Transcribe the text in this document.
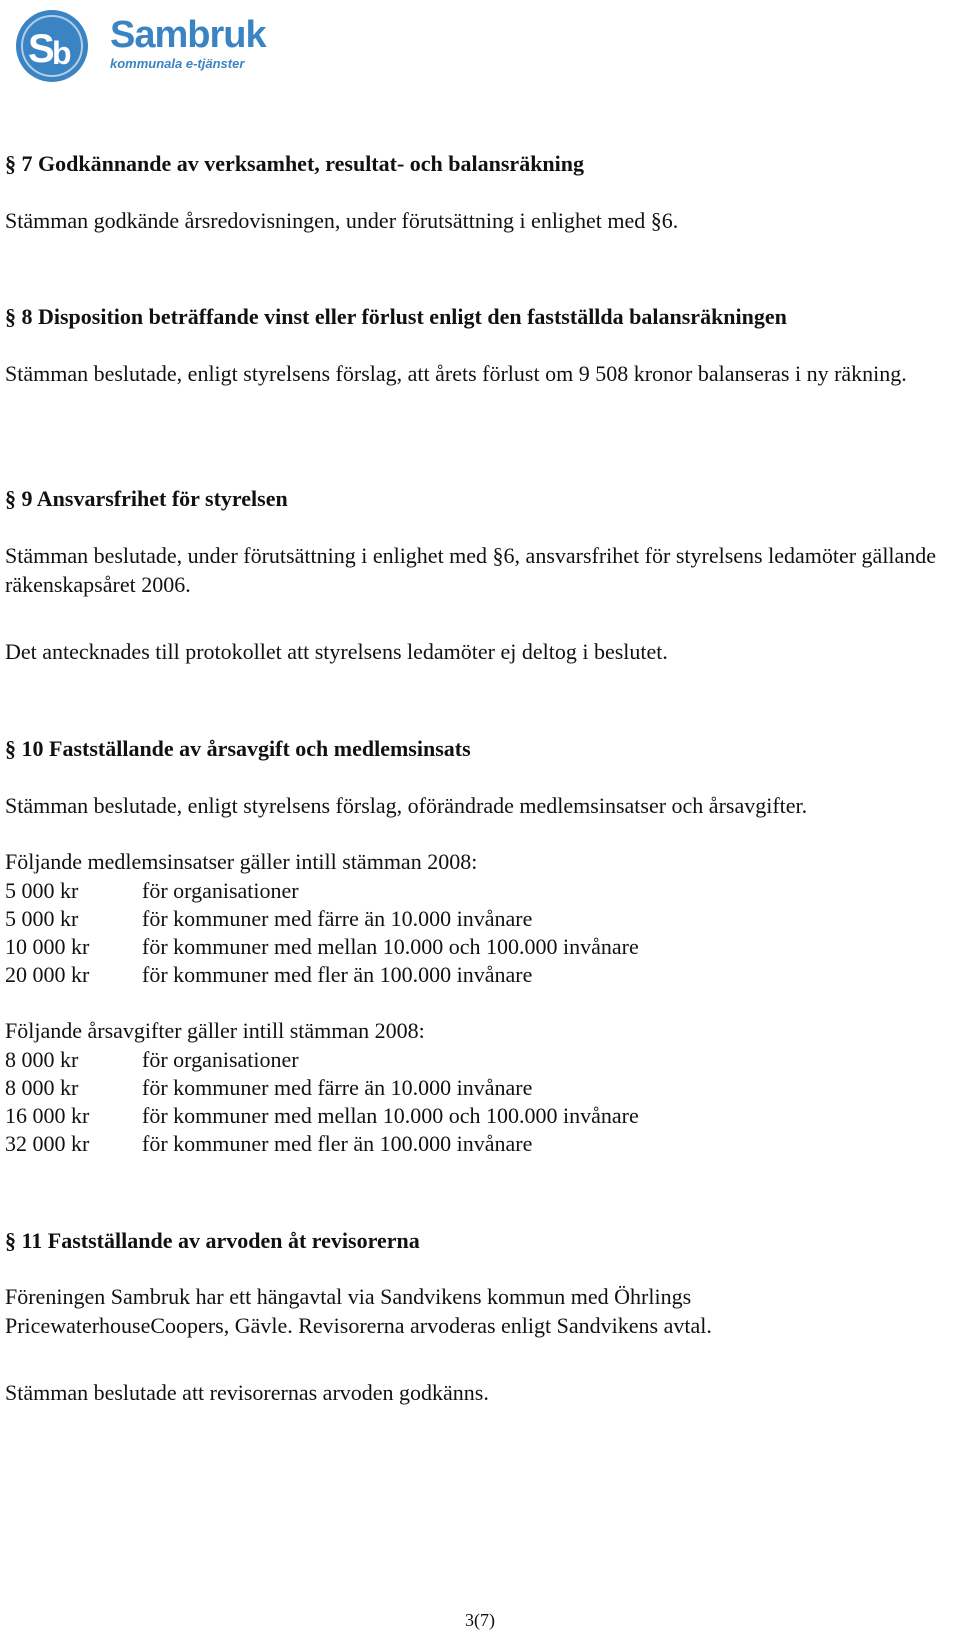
S
b Sambruk
kommunala e-tjänster
§ 7 Godkännande av verksamhet, resultat- och balansräkning
Stämman godkände årsredovisningen, under förutsättning i enlighet med §6.
§ 8 Disposition beträffande vinst eller förlust enligt den fastställda balansräkningen
Stämman beslutade, enligt styrelsens förslag, att årets förlust om 9 508 kronor balanseras i ny räkning.
§ 9 Ansvarsfrihet för styrelsen
Stämman beslutade, under förutsättning i enlighet med §6, ansvarsfrihet för styrelsens ledamöter gällande räkenskapsåret 2006.
Det antecknades till protokollet att styrelsens ledamöter ej deltog i beslutet.
§ 10 Fastställande av årsavgift och medlemsinsats
Stämman beslutade, enligt styrelsens förslag, oförändrade medlemsinsatser och årsavgifter.
Följande medlemsinsatser gäller intill stämman 2008:
5 000 kr	för organisationer
5 000 kr	för kommuner med färre än 10.000 invånare
10 000 kr för kommuner med mellan 10.000 och 100.000 invånare
20 000 kr för kommuner med fler än 100.000 invånare
Följande årsavgifter gäller intill stämman 2008:
8 000 kr	för organisationer
8 000 kr	för kommuner med färre än 10.000 invånare
16 000 kr för kommuner med mellan 10.000 och 100.000 invånare
32 000 kr för kommuner med fler än 100.000 invånare
§ 11 Fastställande av arvoden åt revisorerna
Föreningen Sambruk har ett hängavtal via Sandvikens kommun med Öhrlings PricewaterhouseCoopers, Gävle. Revisorerna arvoderas enligt Sandvikens avtal.
Stämman beslutade att revisorernas arvoden godkänns.
3(7)
